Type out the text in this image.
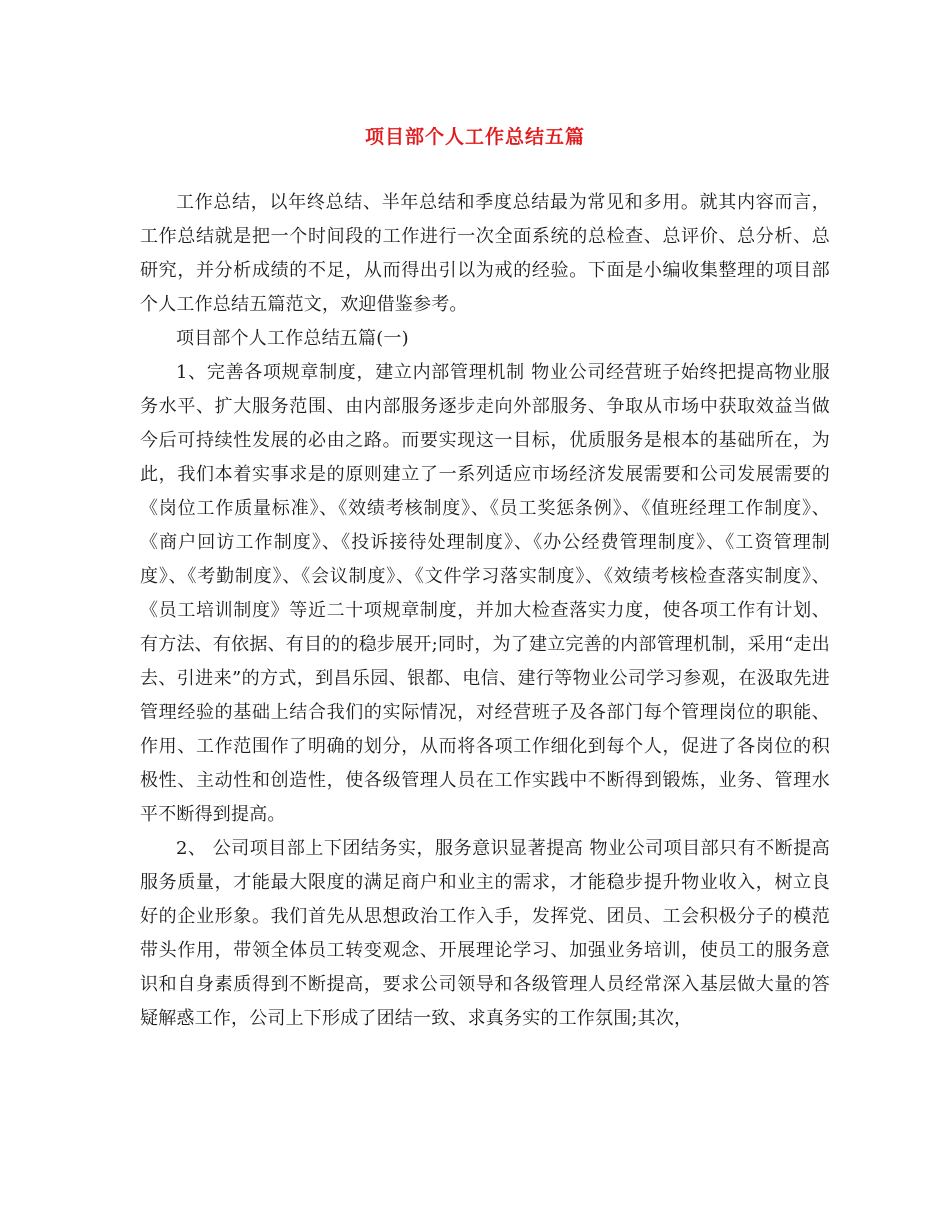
项目部个人工作总结五篇

工作总结，以年终总结、半年总结和季度总结最为常见和多用。就其内容而言，工作总结就是把一个时间段的工作进行一次全面系统的总检查、总评价、总分析、总研究，并分析成绩的不足，从而得出引以为戒的经验。下面是小编收集整理的项目部个人工作总结五篇范文，欢迎借鉴参考。

项目部个人工作总结五篇(一)

1、完善各项规章制度，建立内部管理机制 物业公司经营班子始终把提高物业服务水平、扩大服务范围、由内部服务逐步走向外部服务、争取从市场中获取效益当做今后可持续性发展的必由之路。而要实现这一目标，优质服务是根本的基础所在，为此，我们本着实事求是的原则建立了一系列适应市场经济发展需要和公司发展需要的《岗位工作质量标准》、《效绩考核制度》、《员工奖惩条例》、《值班经理工作制度》、《商户回访工作制度》、《投诉接待处理制度》、《办公经费管理制度》、《工资管理制度》、《考勤制度》、《会议制度》、《文件学习落实制度》、《效绩考核检查落实制度》、《员工培训制度》等近二十项规章制度，并加大检查落实力度，使各项工作有计划、有方法、有依据、有目的的稳步展开;同时，为了建立完善的内部管理机制，采用“走出去、引进来”的方式，到昌乐园、银都、电信、建行等物业公司学习参观，在汲取先进管理经验的基础上结合我们的实际情况，对经营班子及各部门每个管理岗位的职能、作用、工作范围作了明确的划分，从而将各项工作细化到每个人，促进了各岗位的积极性、主动性和创造性，使各级管理人员在工作实践中不断得到锻炼，业务、管理水平不断得到提高。

2、 公司项目部上下团结务实，服务意识显著提高 物业公司项目部只有不断提高服务质量，才能最大限度的满足商户和业主的需求，才能稳步提升物业收入，树立良好的企业形象。我们首先从思想政治工作入手，发挥党、团员、工会积极分子的模范带头作用，带领全体员工转变观念、开展理论学习、加强业务培训，使员工的服务意识和自身素质得到不断提高，要求公司领导和各级管理人员经常深入基层做大量的答疑解惑工作，公司上下形成了团结一致、求真务实的工作氛围;其次，
